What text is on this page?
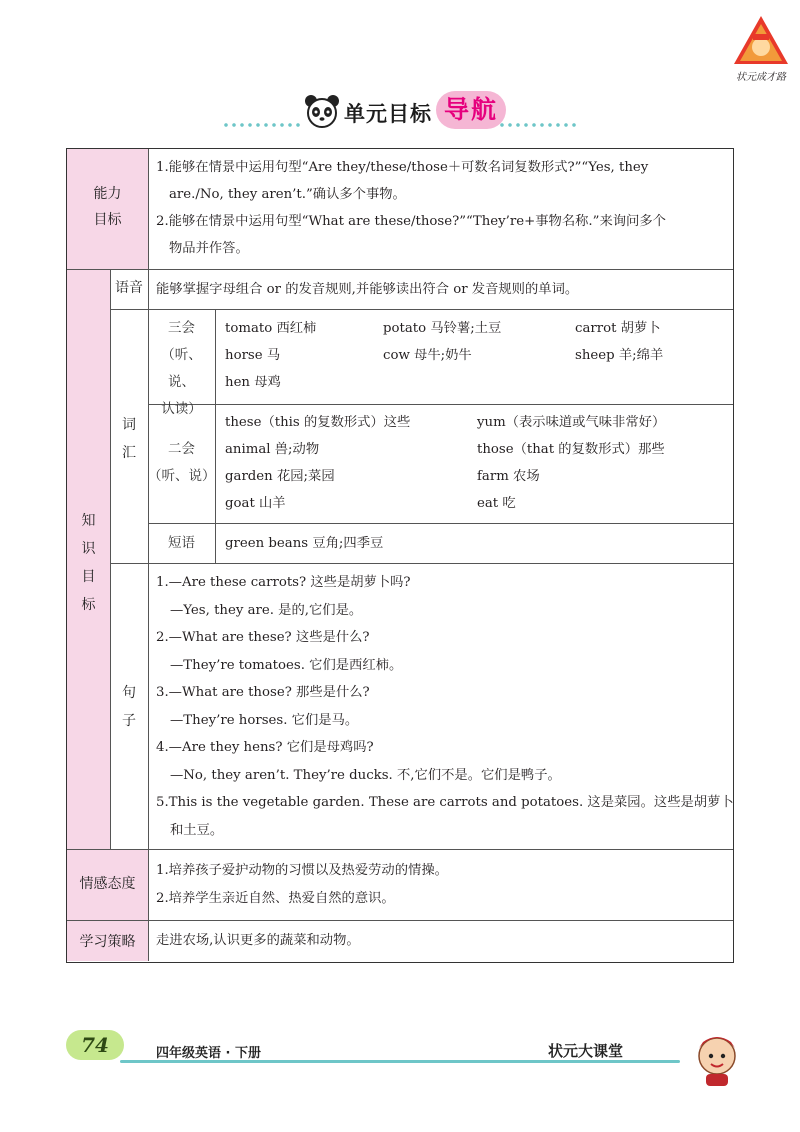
状元成才路
单元目标 导航
能力
目标
1.能够在情景中运用句型“Are they/these/those＋可数名词复数形式?”“Yes, they
are./No, they aren’t.”确认多个事物。
2.能够在情景中运用句型“What are these/those?”“They’re+事物名称.”来询问多个
物品并作答。
知
识
目
标
语音 能够掌握字母组合 or 的发音规则,并能够读出符合 or 发音规则的单词。
词
汇
三会
（听、说、
认读）
tomato 西红柿	potato 马铃薯;土豆	carrot 胡萝卜
horse 马	cow 母牛;奶牛	sheep 羊;绵羊
hen 母鸡
二会
（听、说）
these（this 的复数形式）这些	yum（表示味道或气味非常好）
animal 兽;动物	those（that 的复数形式）那些
garden 花园;菜园	farm 农场
goat 山羊	eat 吃
短语	green beans 豆角;四季豆
句
子
1.—Are these carrots? 这些是胡萝卜吗?
—Yes, they are. 是的,它们是。
2.—What are these? 这些是什么?
—They’re tomatoes. 它们是西红柿。
3.—What are those? 那些是什么?
—They’re horses. 它们是马。
4.—Are they hens? 它们是母鸡吗?
—No, they aren’t. They’re ducks. 不,它们不是。它们是鸭子。
5.This is the vegetable garden. These are carrots and potatoes. 这是菜园。这些是胡萝卜
和土豆。
情感态度
1.培养孩子爱护动物的习惯以及热爱劳动的情操。
2.培养学生亲近自然、热爱自然的意识。
学习策略	走进农场,认识更多的蔬菜和动物。
74	四年级英语 · 下册	状元大课堂
